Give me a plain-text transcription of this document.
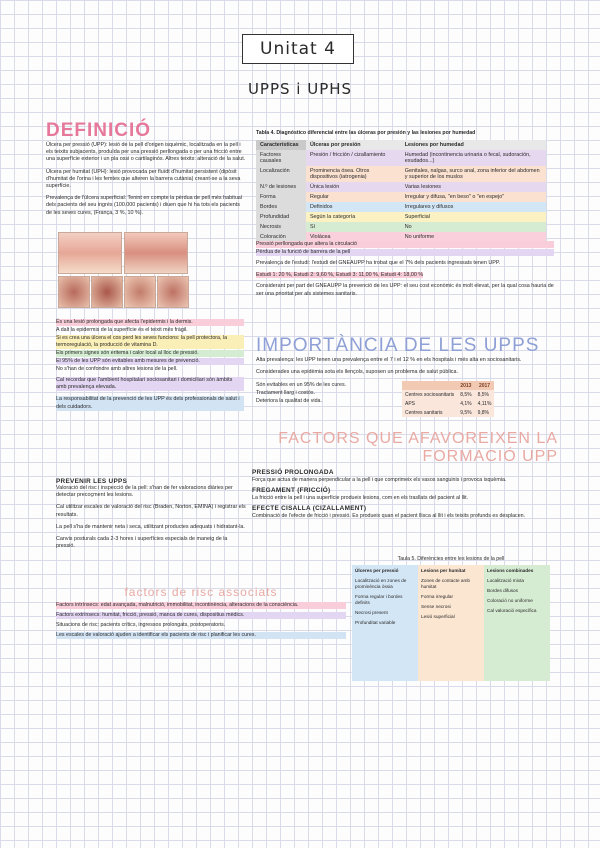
Unitat 4
UPPS i UPHS
DEFINICIÓ

Úlcera per pressió (UPP): lesió de la pell d'origen isquèmic, localitzada en la pell i els teixits subjacents, produïda per una pressió perllongada o per una fricció entre una superfície exterior i un pla ossi o cartilaginós. Altres teixits: alteració de la salut.

Úlcera per humitat (UPH): lesió provocada per fluïdt d'humitat persistent (dipòsit d'humitat de l'orina i les femtes que alteren la barrera cutània) creant-se a la seva superfície.

Prevalença de l'úlcera superficial: Tenint en compte la pèrdua de pell més habitual dels pacients del seu ingrés (100.000 pacients) i diuen que hi ha tots els pacients de les seves cures, (França, 3 %, 10 %).

Tabla 4. Diagnóstico diferencial entre las úlceras por presión y las lesiones por humedad
Características	Úlceras por presión	Lesiones por humedad
Factores causales	Presión / fricción / cizallamiento	Humedad (incontinencia urinaria o fecal, sudoración, exudados...)
Localización	Prominencia ósea. Otros dispositivos (iatrogenia)	Genitales, nalgas, surco anal, zona inferior del abdomen y superior de los muslos
N.º de lesiones	Única lesión	Varias lesiones
Forma	Regular	Irregular y difusa, "en beso" o "en espejo"
Bordes	Definidos	Irregulares y difusos
Profundidad	Según la categoría	Superficial
Necrosis	Sí	No
Coloración	Violácea	No uniforme
És una lesió prolongada que afecta l'epidermis i la dermis.
A dalt la epidermis de la superfície és el teixit més fràgil.
Si es crea una úlcera el cos perd les seves funcions: la pell protectora, la termoregulació, la producció de vitamina D.
Els primers signes són eritema i calor local al lloc de pressió.
El 95% de les UPP són evitables amb mesures de prevenció.
No s'han de confondre amb altres lesions de la pell.

Cal recordar que l'ambient hospitalari sociosanitari i domiciliari són àmbits amb prevalença elevada.

La responsabilitat de la prevenció de les UPP és dels professionals de salut i dels cuidadors.

Pressió perllongada que altera la circulació
Pèrdua de la funció de barrera de la pell

Prevalença de l'estudi: l'estudi del GNEAUPP ha trobat que el 7% dels pacients ingressats tenen UPP.

Estudi 1: 20 %, Estudi 2: 9,60 %, Estudi 3: 11,00 %, Estudi 4: 18,00 %

Considerant per part del GNEAUPP la prevenció de les UPP: el seu cost econòmic és molt elevat, per la qual cosa hauria de ser una prioritat per als sistemes sanitaris.

IMPORTÀNCIA DE LES UPPS

Alta prevalença: les UPP tenen una prevalença entre el 7 i el 12 % en els hospitals i més alta en sociosanitaris.

Considerades una epidèmia sota els llençols, suposen un problema de salut pública.

Són evitables en un 95% de les cures.
Tractament llarg i costós.
Deteriora la qualitat de vida.
	2013	2017
Centres sociosanitaris	8,5%	8,5%
APS	4,1%	4,11%
Centres sanitaris	9,5%	9,8%
FACTORS QUE AFAVOREIXEN LA FORMACIÓ UPP
PRESSIÓ PROLONGADA
Força que actua de manera perpendicular a la pell i que comprimeix els vasos sanguinis i provoca isquèmia.
FREGAMENT (FRICCIÓ)
La fricció entre la pell i una superfície produeix lesions, com en els trasllats del pacient al llit.
EFECTE CISALLA (CIZALLAMENT)
Combinació de l'efecte de fricció i pressió. Es produeix quan el pacient llisca al llit i els teixits profunds es desplacen.
PREVENIR LES UPPS

Valoració del risc i inspecció de la pell: s'han de fer valoracions diàries per detectar precoçment les lesions.

Cal utilitzar escales de valoració del risc (Braden, Norton, EMINA) i registrar els resultats.

La pell s'ha de mantenir neta i seca, utilitzant productes adequats i hidratant-la.

Canvis posturals cada 2-3 hores i superfícies especials de maneig de la pressió.

factors de risc associats
Factors intrínsecs: edat avançada, malnutrició, immobilitat, incontinència, alteracions de la consciència.
Factors extrínsecs: humitat, fricció, pressió, manca de cures, dispositius mèdics.
Situacions de risc: pacients crítics, ingressos prolongats, postoperatoris.
Les escales de valoració ajuden a identificar els pacients de risc i planificar les cures.
Taula 5. Diferències entre les lesions de la pell
Úlceres per pressió
Localització en zones de prominència òssia
Forma regular i bordes definits
Necrosi present
Profunditat variable
Lesions per humitat
Zones de contacte amb humitat
Forma irregular
Sense necrosi
Lesió superficial
Lesions combinades
Localització mixta
Bordes difusos
Coloració no uniforme
Cal valoració específica
